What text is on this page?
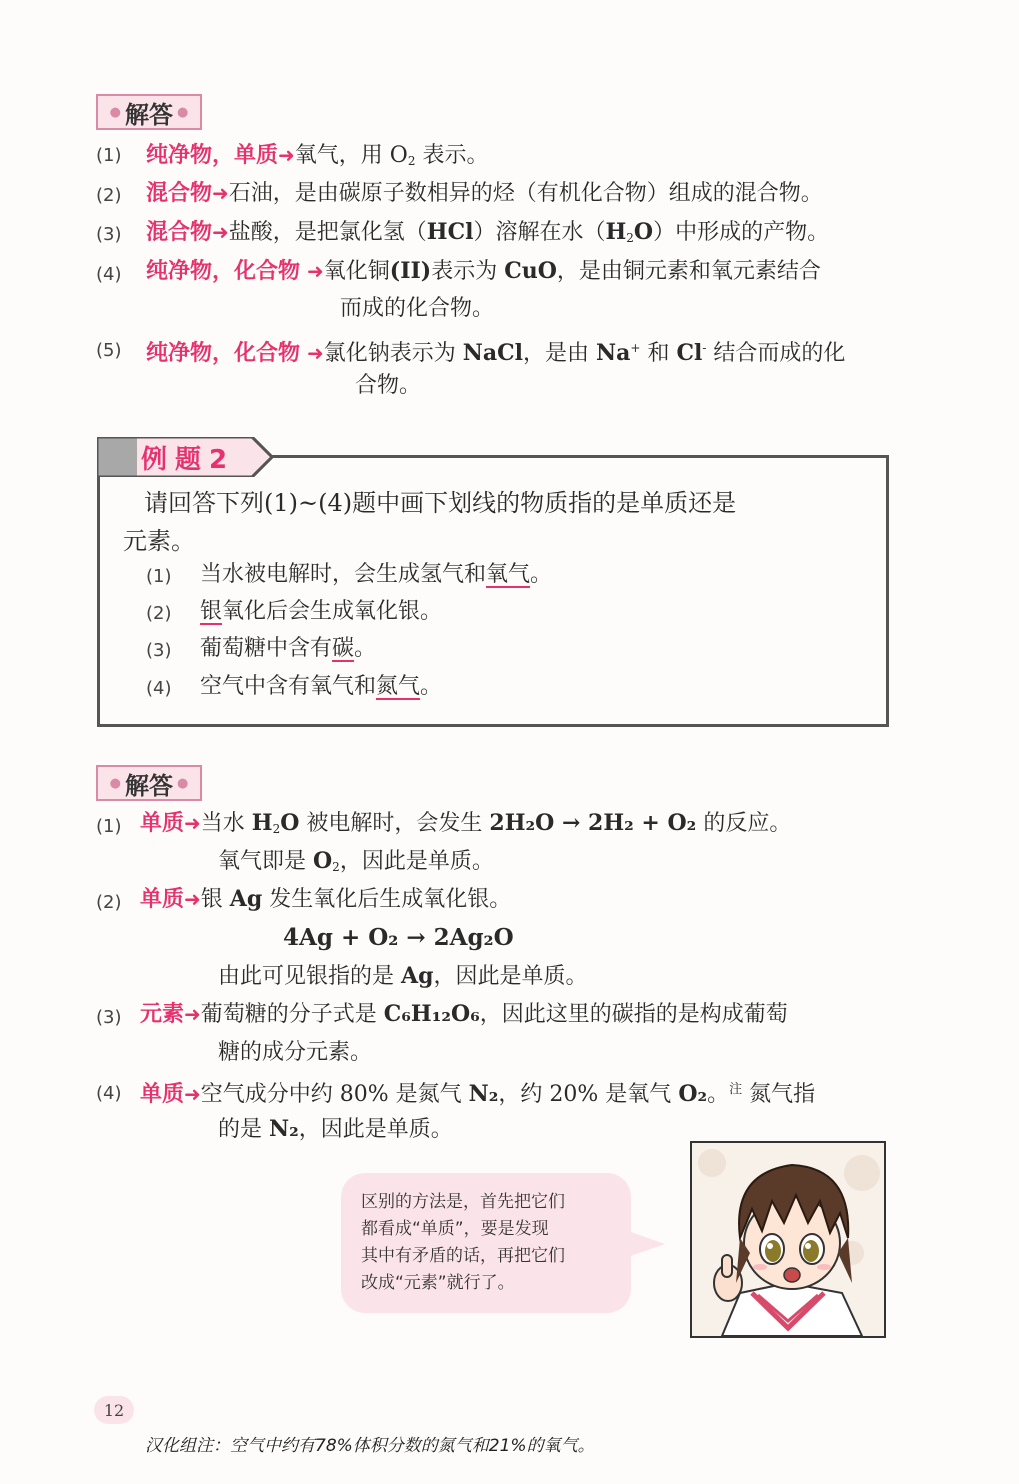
● 解答 ●
(1)	纯净物，单质➜氧气，用 $O_2$ 表示。
(2)	混合物➜石油，是由碳原子数相异的烃（有机化合物）组成的混合物。
(3)	混合物➜盐酸，是把氯化氢（HCl）溶解在水$(H_2O)$中形成的产物。
(4)	纯净物，化合物 ➜氧化铜(II)表示为 CuO，是由铜元素和氧元素结合
而成的化合物。
(5)	纯净物，化合物 ➜氯化钠表示为 NaCl，是由 Na+ 和 Cl- 结合而成的化
合物。
例题2
请回答下列(1)~(4)题中画下划线的物质指的是单质还是
元素。
(1)	当水被电解时，会生成氢气和氧气。
(2)	银氧化后会生成氧化银。
(3)	葡萄糖中含有碳。
(4)	空气中含有氧气和氮气。
● 解答 ●
(1) 单质➜当水 $H_2O$ 被电解时，会发生 2H₂O → 2H₂ + O₂ 的反应。
氧气即是 $O_2$，因此是单质。
(2) 单质➜银 Ag 发生氧化后生成氧化银。
4Ag + O₂ → 2Ag₂O
由此可见银指的是 Ag，因此是单质。
(3) 元素➜葡萄糖的分子式是 C₆H₁₂O₆，因此这里的碳指的是构成葡萄
糖的成分元素。
(4) 单质➜空气成分中约 80% 是氮气 N₂，约 20% 是氧气 O₂。$^注$ 氮气指
的是 N₂，因此是单质。
区别的方法是，首先把它们
都看成“单质”，要是发现
其中有矛盾的话，再把它们
改成“元素”就行了。
12
汉化组注：空气中约有78%体积分数的氮气和21%的氧气。
